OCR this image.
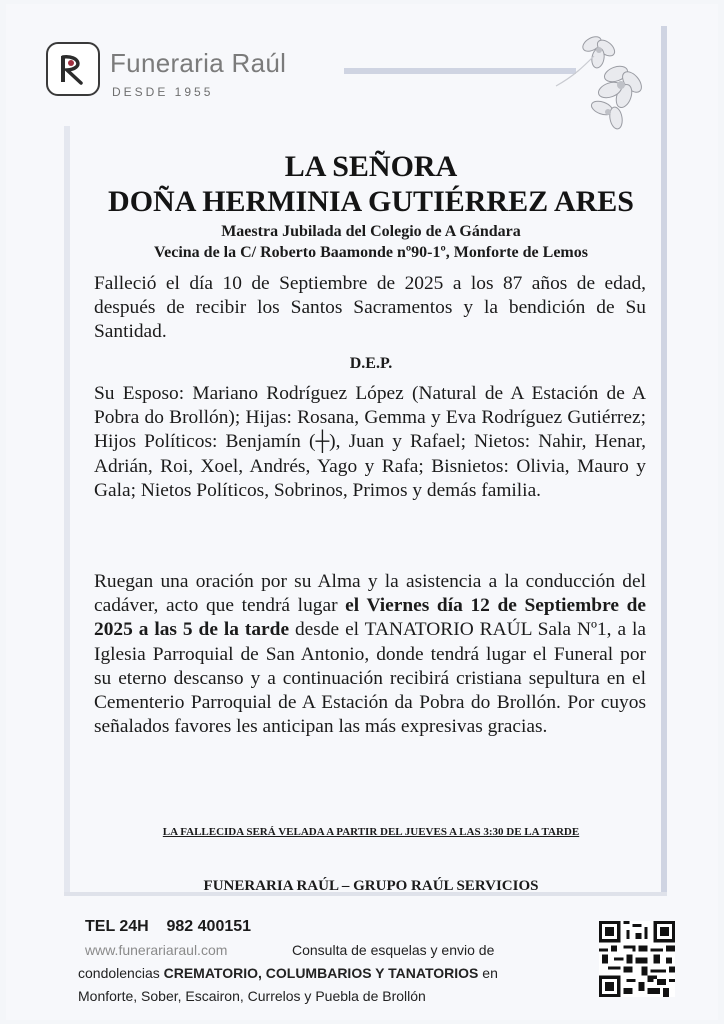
Funeraria Raúl
DESDE 1955
LA SEÑORA
DOÑA HERMINIA GUTIÉRREZ ARES
Maestra Jubilada del Colegio de A Gándara
Vecina de la C/ Roberto Baamonde nº90-1º, Monforte de Lemos

Falleció el día 10 de Septiembre de 2025 a los 87 años de edad, después de recibir los Santos Sacramentos y la bendición de Su Santidad.

D.E.P.

Su Esposo: Mariano Rodríguez López (Natural de A Estación de A Pobra do Brollón); Hijas: Rosana, Gemma y Eva Rodríguez Gutiérrez; Hijos Políticos: Benjamín (┼), Juan y Rafael; Nietos: Nahir, Henar, Adrián, Roi, Xoel, Andrés, Yago y Rafa; Bisnietos: Olivia, Mauro y Gala; Nietos Políticos, Sobrinos, Primos y demás familia.

Ruegan una oración por su Alma y la asistencia a la conducción del cadáver, acto que tendrá lugar el Viernes día 12 de Septiembre de 2025 a las 5 de la tarde desde el TANATORIO RAÚL Sala Nº1, a la Iglesia Parroquial de San Antonio, donde tendrá lugar el Funeral por su eterno descanso y a continuación recibirá cristiana sepultura en el Cementerio Parroquial de A Estación da Pobra do Brollón. Por cuyos señalados favores les anticipan las más expresivas gracias.

LA FALLECIDA SERÁ VELADA A PARTIR DEL JUEVES A LAS 3:30 DE LA TARDE
FUNERARIA RAÚL – GRUPO RAÚL SERVICIOS
TEL 24H    982 400151
www.funerariaraul.com	Consulta de esquelas y envio de
condolencias CREMATORIO, COLUMBARIOS Y TANATORIOS en
Monforte, Sober, Escairon, Currelos y Puebla de Brollón
